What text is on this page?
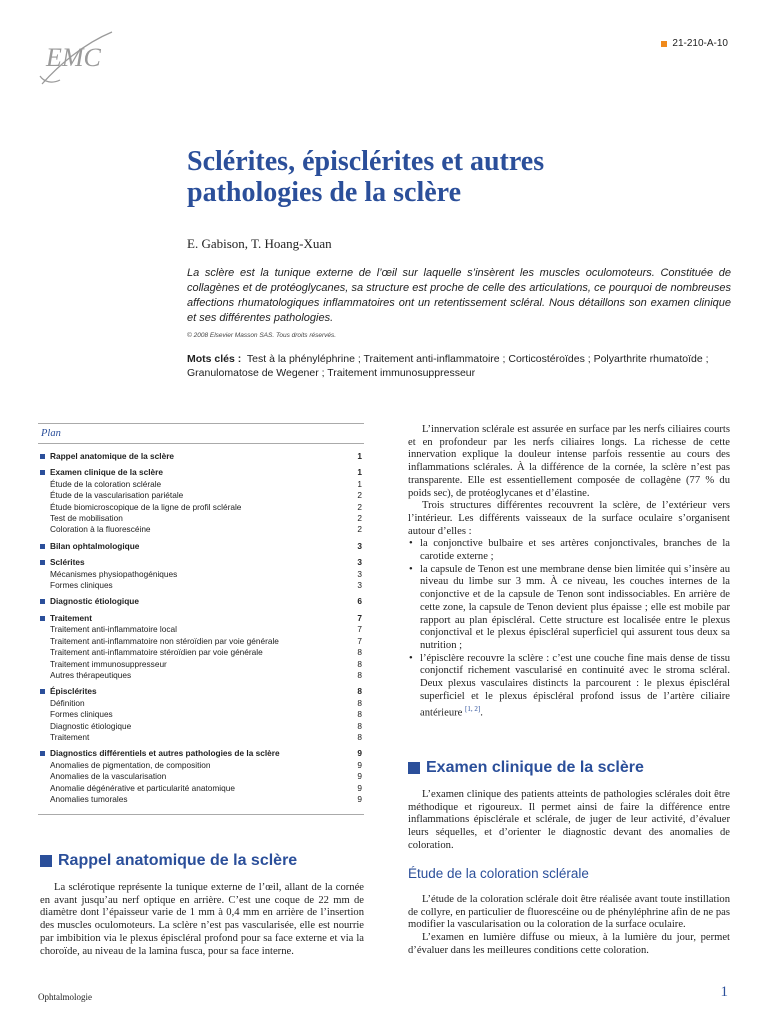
EMC	21-210-A-10
Sclérites, épisclérites et autres
pathologies de la sclère
E. Gabison, T. Hoang-Xuan
La sclère est la tunique externe de l’œil sur laquelle s’insèrent les muscles oculomoteurs. Constituée de collagènes et de protéoglycanes, sa structure est proche de celle des articulations, ce pourquoi de nombreuses affections rhumatologiques inflammatoires ont un retentissement scléral. Nous détaillons son examen clinique et ses différentes pathologies.
© 2008 Elsevier Masson SAS. Tous droits réservés.
Mots clés : Test à la phényléphrine ; Traitement anti-inflammatoire ; Corticostéroïdes ; Polyarthrite rhumatoïde ; Granulomatose de Wegener ; Traitement immunosuppresseur
Plan
Rappel anatomique de la sclère	1
Examen clinique de la sclère	1
Étude de la coloration sclérale	1
Étude de la vascularisation pariétale	2
Étude biomicroscopique de la ligne de profil sclérale	2
Test de mobilisation	2
Coloration à la fluorescéine	2
Bilan ophtalmologique	3
Sclérites	3
Mécanismes physiopathogéniques	3
Formes cliniques	3
Diagnostic étiologique	6
Traitement	7
Traitement anti-inflammatoire local	7
Traitement anti-inflammatoire non stéroïdien par voie générale	7
Traitement anti-inflammatoire stéroïdien par voie générale	8
Traitement immunosuppresseur	8
Autres thérapeutiques	8
Épisclérites	8
Définition	8
Formes cliniques	8
Diagnostic étiologique	8
Traitement	8
Diagnostics différentiels et autres pathologies de la sclère	9
Anomalies de pigmentation, de composition	9
Anomalies de la vascularisation	9
Anomalie dégénérative et particularité anatomique	9
Anomalies tumorales	9
Rappel anatomique de la sclère

La sclérotique représente la tunique externe de l’œil, allant de la cornée en avant jusqu’au nerf optique en arrière. C’est une coque de 22 mm de diamètre dont l’épaisseur varie de 1 mm à 0,4 mm en arrière de l’insertion des muscles oculomoteurs. La sclère n’est pas vascularisée, elle est nourrie par imbibition via le plexus épiscléral profond pour sa face externe et via la choroïde, au niveau de la lamina fusca, pour sa face interne.

L’innervation sclérale est assurée en surface par les nerfs ciliaires courts et en profondeur par les nerfs ciliaires longs. La richesse de cette innervation explique la douleur intense parfois ressentie au cours des inflammations sclérales. À la différence de la cornée, la sclère n’est pas transparente. Elle est essentiellement composée de collagène (77 % du poids sec), de protéoglycanes et d’élastine.

Trois structures différentes recouvrent la sclère, de l’extérieur vers l’intérieur. Les différents vaisseaux de la surface oculaire s’organisent autour d’elles :

• la conjonctive bulbaire et ses artères conjonctivales, branches de la carotide externe ;
• la capsule de Tenon est une membrane dense bien limitée qui s’insère au niveau du limbe sur 3 mm. À ce niveau, les couches internes de la conjonctive et de la capsule de Tenon sont indissociables. En arrière de cette zone, la capsule de Tenon devient plus épaisse ; elle est mobile par rapport au plan épiscléral. Cette structure est localisée entre le plexus conjonctival et le plexus épiscléral superficiel qui assurent tous deux sa nutrition ;
• l’épisclère recouvre la sclère : c’est une couche fine mais dense de tissu conjonctif richement vascularisé en continuité avec le stroma scléral. Deux plexus vasculaires distincts la parcourent : le plexus épiscléral superficiel et le plexus épiscléral profond issus de l’artère ciliaire antérieure [1, 2].
Examen clinique de la sclère

L’examen clinique des patients atteints de pathologies sclérales doit être méthodique et rigoureux. Il permet ainsi de faire la différence entre inflammations épisclérale et sclérale, de juger de leur activité, d’évaluer leurs séquelles, et d’orienter le diagnostic devant des anomalies de coloration.

Étude de la coloration sclérale

L’étude de la coloration sclérale doit être réalisée avant toute instillation de collyre, en particulier de fluorescéine ou de phényléphrine afin de ne pas modifier la vascularisation ou la coloration de la surface oculaire.

L’examen en lumière diffuse ou mieux, à la lumière du jour, permet d’évaluer dans les meilleures conditions cette coloration.

Ophtalmologie	1
